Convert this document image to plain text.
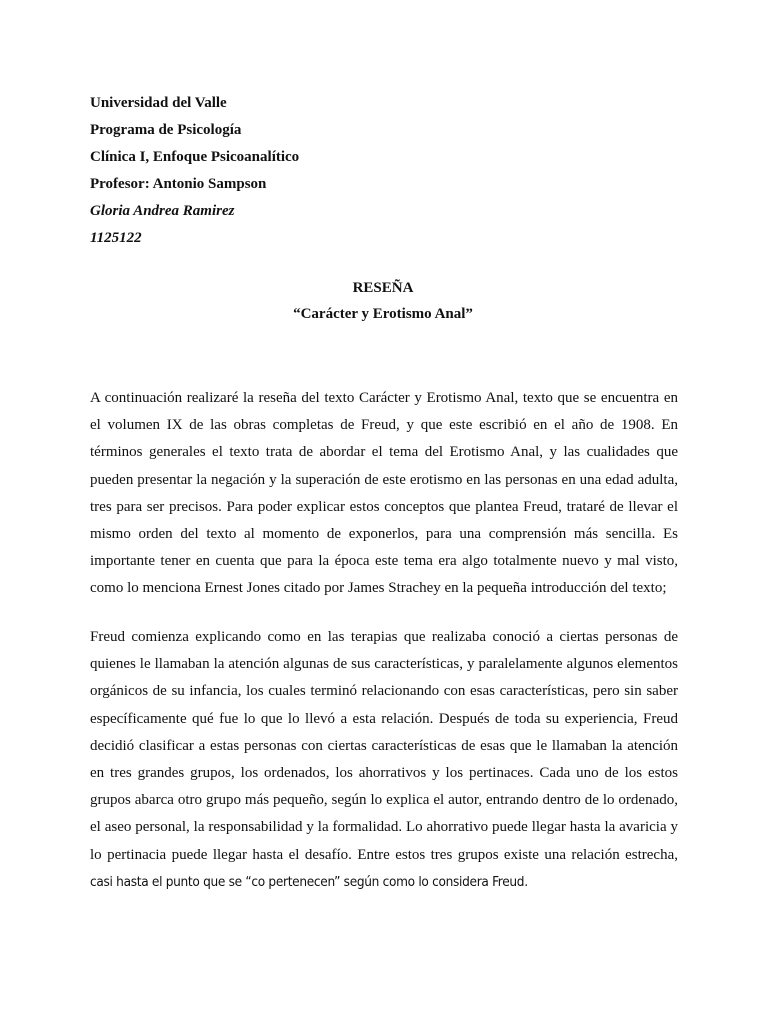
Universidad del Valle
Programa de Psicología
Clínica I, Enfoque Psicoanalítico
Profesor: Antonio Sampson
Gloria Andrea Ramirez
1125122
RESEÑA
“Carácter y Erotismo Anal”

A continuación realizaré la reseña del texto Carácter y Erotismo Anal, texto que se encuentra en el volumen IX de las obras completas de Freud, y que este escribió en el año de 1908. En términos generales el texto trata de abordar el tema del Erotismo Anal, y las cualidades que pueden presentar la negación y la superación de este erotismo en las personas en una edad adulta, tres para ser precisos. Para poder explicar estos conceptos que plantea Freud, trataré de llevar el mismo orden del texto al momento de exponerlos, para una comprensión más sencilla. Es importante tener en cuenta que para la época este tema era algo totalmente nuevo y mal visto, como lo menciona Ernest Jones citado por James Strachey en la pequeña introducción del texto;

Freud comienza explicando como en las terapias que realizaba conoció a ciertas personas de quienes le llamaban la atención algunas de sus características, y paralelamente algunos elementos orgánicos de su infancia, los cuales terminó relacionando con esas características, pero sin saber específicamente qué fue lo que lo llevó a esta relación. Después de toda su experiencia, Freud decidió clasificar a estas personas con ciertas características de esas que le llamaban la atención en tres grandes grupos, los ordenados, los ahorrativos y los pertinaces. Cada uno de los estos grupos abarca otro grupo más pequeño, según lo explica el autor, entrando dentro de lo ordenado, el aseo personal, la responsabilidad y la formalidad. Lo ahorrativo puede llegar hasta la avaricia y lo pertinacia puede llegar hasta el desafío. Entre estos tres grupos existe una relación estrecha, casi hasta el punto que se “co pertenecen” según como lo considera Freud.
